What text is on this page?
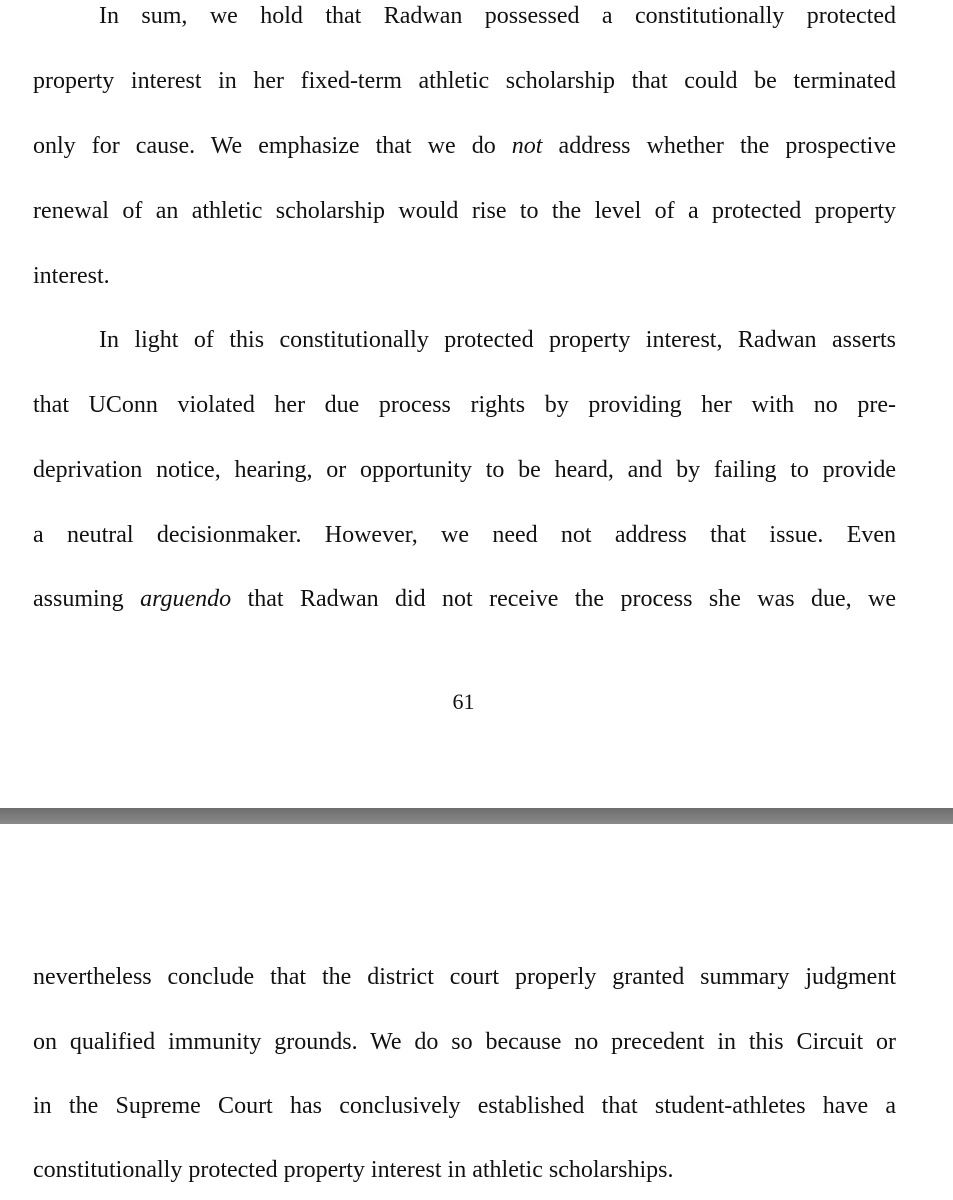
In sum, we hold that Radwan possessed a constitutionally protected

property interest in her fixed-term athletic scholarship that could be terminated

only for cause. We emphasize that we do not address whether the prospective

renewal of an athletic scholarship would rise to the level of a protected property

interest.

In light of this constitutionally protected property interest, Radwan asserts

that UConn violated her due process rights by providing her with no pre-

deprivation notice, hearing, or opportunity to be heard, and by failing to provide

a neutral decisionmaker. However, we need not address that issue. Even

assuming arguendo that Radwan did not receive the process she was due, we

61

nevertheless conclude that the district court properly granted summary judgment

on qualified immunity grounds. We do so because no precedent in this Circuit or

in the Supreme Court has conclusively established that student-athletes have a

constitutionally protected property interest in athletic scholarships.
